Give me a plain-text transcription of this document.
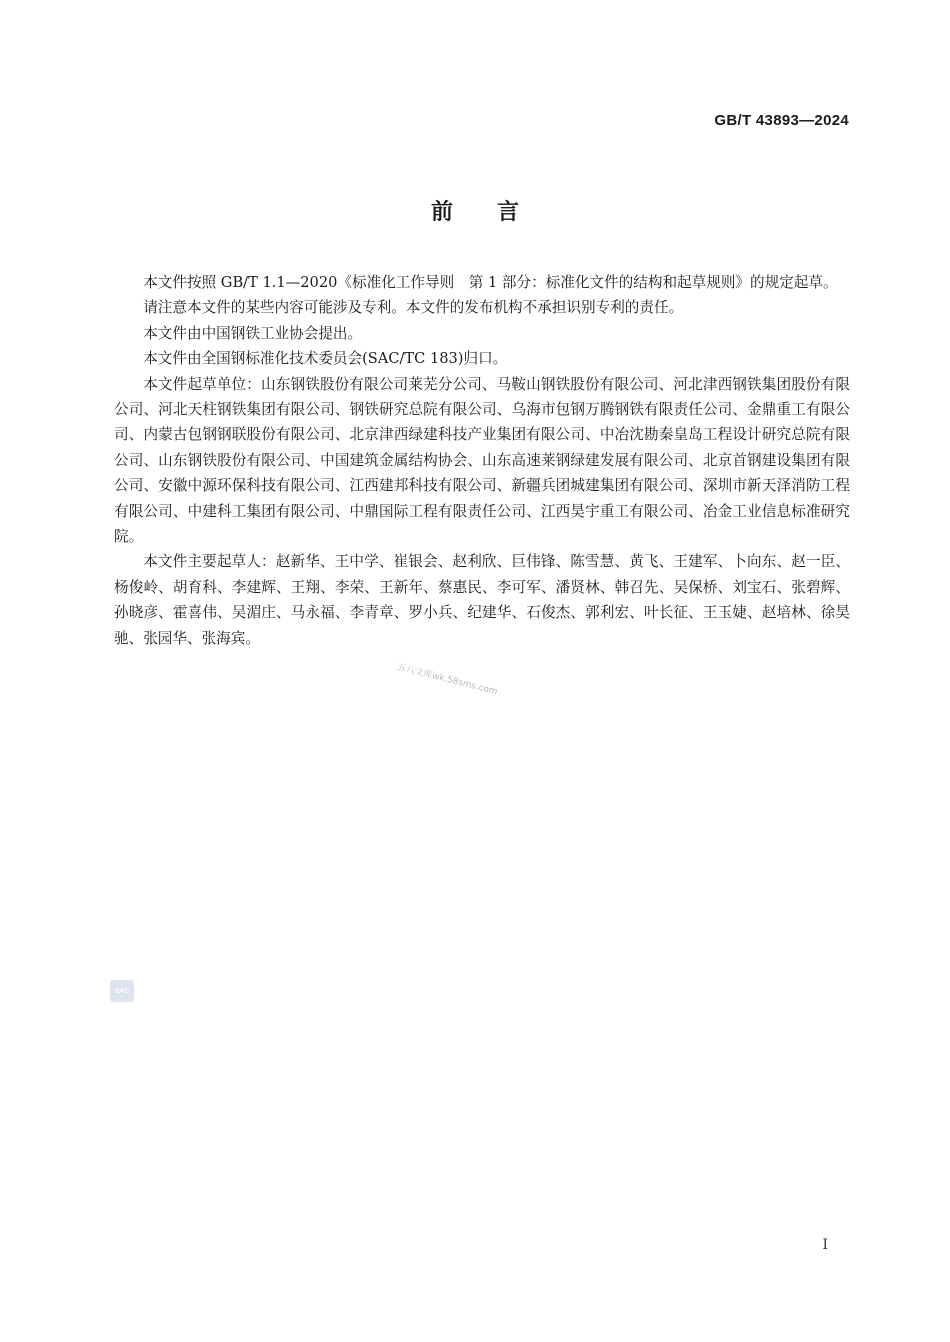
GB/T 43893—2024
前言

本文件按照 GB/T 1.1—2020《标准化工作导则　第 1 部分：标准化文件的结构和起草规则》的规定起草。

请注意本文件的某些内容可能涉及专利。本文件的发布机构不承担识别专利的责任。

本文件由中国钢铁工业协会提出。

本文件由全国钢标准化技术委员会(SAC/TC 183)归口。

本文件起草单位：山东钢铁股份有限公司莱芜分公司、马鞍山钢铁股份有限公司、河北津西钢铁集团股份有限公司、河北天柱钢铁集团有限公司、钢铁研究总院有限公司、乌海市包钢万腾钢铁有限责任公司、金鼎重工有限公司、内蒙古包钢钢联股份有限公司、北京津西绿建科技产业集团有限公司、中冶沈勘秦皇岛工程设计研究总院有限公司、山东钢铁股份有限公司、中国建筑金属结构协会、山东高速莱钢绿建发展有限公司、北京首钢建设集团有限公司、安徽中源环保科技有限公司、江西建邦科技有限公司、新疆兵团城建集团有限公司、深圳市新天泽消防工程有限公司、中建科工集团有限公司、中鼎国际工程有限责任公司、江西昊宇重工有限公司、冶金工业信息标准研究院。

本文件主要起草人：赵新华、王中学、崔银会、赵利欣、巨伟锋、陈雪慧、黄飞、王建军、卜向东、赵一臣、杨俊岭、胡育科、李建辉、王翔、李荣、王新年、蔡惠民、李可军、潘贤林、韩召先、吴保桥、刘宝石、张碧辉、孙晓彦、霍喜伟、吴湄庄、马永福、李青章、罗小兵、纪建华、石俊杰、郭利宏、叶长征、王玉婕、赵培林、徐昊驰、张园华、张海宾。

五八文库wk.58sms.com
SAC
I
